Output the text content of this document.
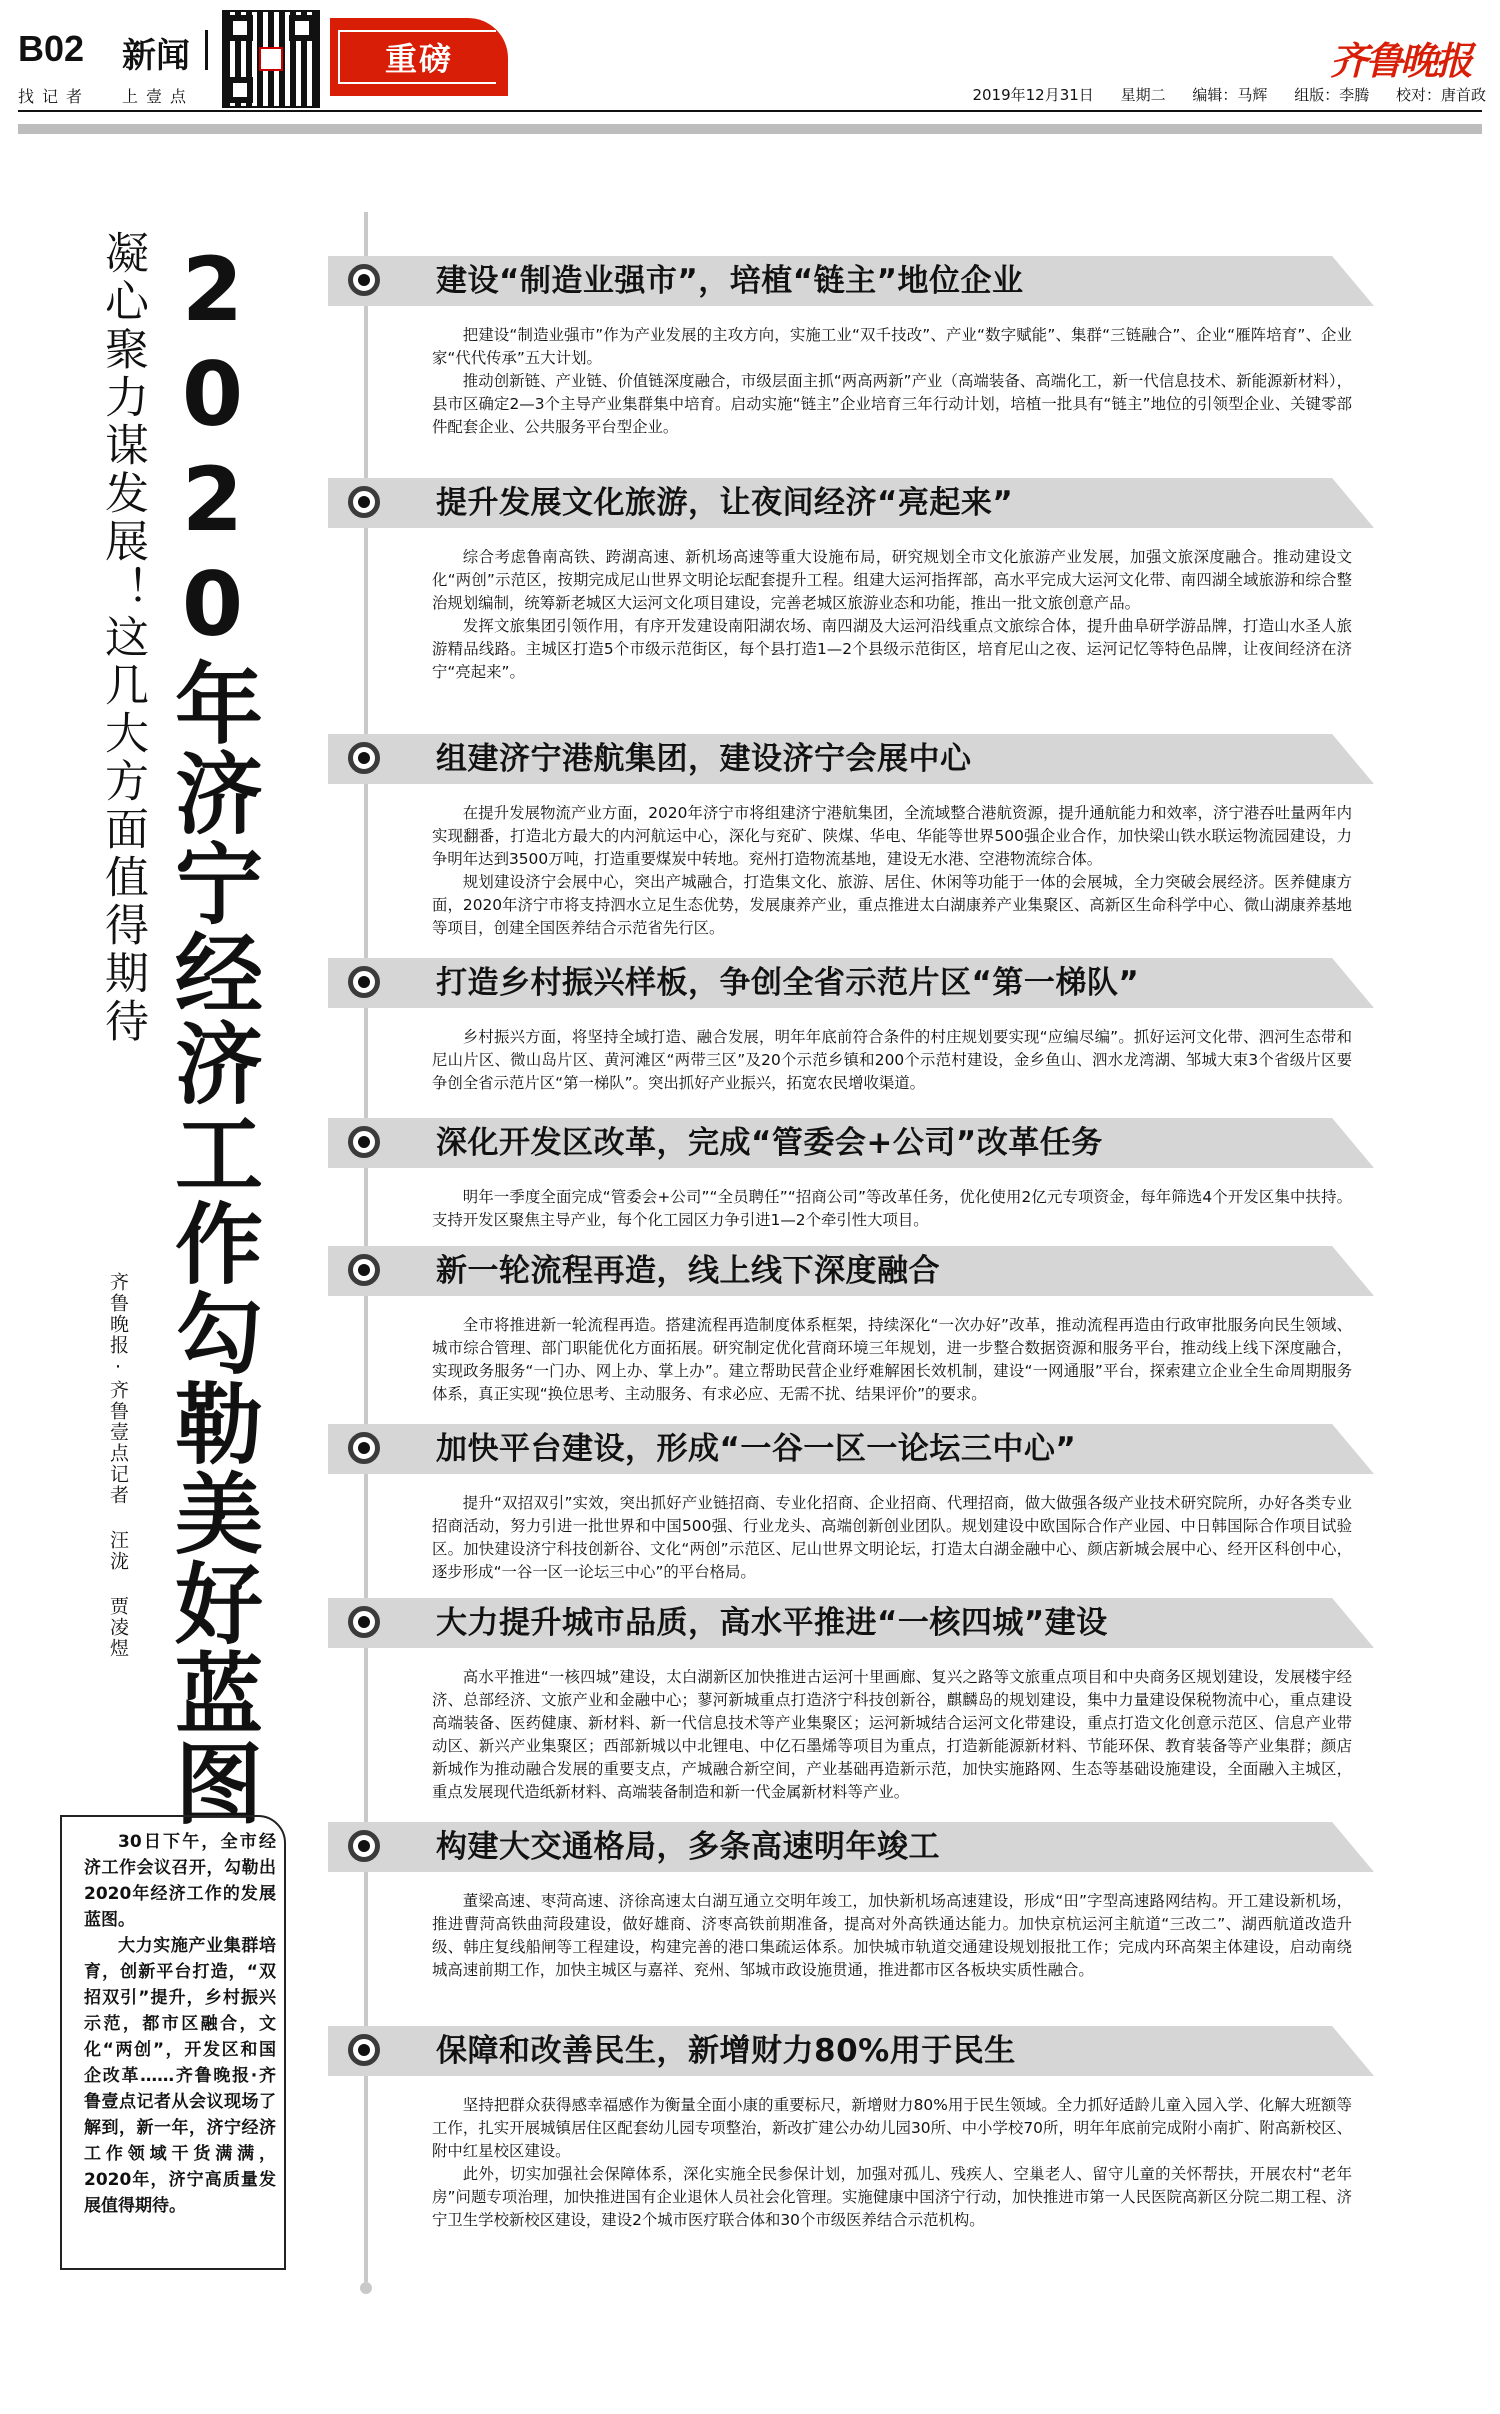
B02 新闻
找记者 上壹点
重磅	齐鲁晚报
2019年12月31日 星期二 编辑：马辉 组版：李腾 校对：唐首政
2020年济宁经济工作勾勒美好蓝图
凝心聚力谋发展！这几大方面值得期待
齐鲁晚报·齐鲁壹点记者 汪泷 贾凌煜

30日下午，全市经济工作会议召开，勾勒出2020年经济工作的发展蓝图。

大力实施产业集群培育，创新平台打造，“双招双引”提升，乡村振兴示范，都市区融合，文化“两创”，开发区和国企改革……齐鲁晚报·齐鲁壹点记者从会议现场了解到，新一年，济宁经济工作领域干货满满，2020年，济宁高质量发展值得期待。

建设“制造业强市”，培植“链主”地位企业

把建设“制造业强市”作为产业发展的主攻方向，实施工业“双千技改”、产业“数字赋能”、集群“三链融合”、企业“雁阵培育”、企业家“代代传承”五大计划。

推动创新链、产业链、价值链深度融合，市级层面主抓“两高两新”产业（高端装备、高端化工，新一代信息技术、新能源新材料），县市区确定2—3个主导产业集群集中培育。启动实施“链主”企业培育三年行动计划，培植一批具有“链主”地位的引领型企业、关键零部件配套企业、公共服务平台型企业。

提升发展文化旅游，让夜间经济“亮起来”

综合考虑鲁南高铁、跨湖高速、新机场高速等重大设施布局，研究规划全市文化旅游产业发展，加强文旅深度融合。推动建设文化“两创”示范区，按期完成尼山世界文明论坛配套提升工程。组建大运河指挥部，高水平完成大运河文化带、南四湖全域旅游和综合整治规划编制，统筹新老城区大运河文化项目建设，完善老城区旅游业态和功能，推出一批文旅创意产品。

发挥文旅集团引领作用，有序开发建设南阳湖农场、南四湖及大运河沿线重点文旅综合体，提升曲阜研学游品牌，打造山水圣人旅游精品线路。主城区打造5个市级示范街区，每个县打造1—2个县级示范街区，培育尼山之夜、运河记忆等特色品牌，让夜间经济在济宁“亮起来”。

组建济宁港航集团，建设济宁会展中心

在提升发展物流产业方面，2020年济宁市将组建济宁港航集团，全流域整合港航资源，提升通航能力和效率，济宁港吞吐量两年内实现翻番，打造北方最大的内河航运中心，深化与兖矿、陕煤、华电、华能等世界500强企业合作，加快梁山铁水联运物流园建设，力争明年达到3500万吨，打造重要煤炭中转地。兖州打造物流基地，建设无水港、空港物流综合体。

规划建设济宁会展中心，突出产城融合，打造集文化、旅游、居住、休闲等功能于一体的会展城，全力突破会展经济。医养健康方面，2020年济宁市将支持泗水立足生态优势，发展康养产业，重点推进太白湖康养产业集聚区、高新区生命科学中心、微山湖康养基地等项目，创建全国医养结合示范省先行区。

打造乡村振兴样板，争创全省示范片区“第一梯队”

乡村振兴方面，将坚持全域打造、融合发展，明年年底前符合条件的村庄规划要实现“应编尽编”。抓好运河文化带、泗河生态带和尼山片区、微山岛片区、黄河滩区“两带三区”及20个示范乡镇和200个示范村建设，金乡鱼山、泗水龙湾湖、邹城大束3个省级片区要争创全省示范片区“第一梯队”。突出抓好产业振兴，拓宽农民增收渠道。

深化开发区改革，完成“管委会+公司”改革任务

明年一季度全面完成“管委会+公司”“全员聘任”“招商公司”等改革任务，优化使用2亿元专项资金，每年筛选4个开发区集中扶持。支持开发区聚焦主导产业，每个化工园区力争引进1—2个牵引性大项目。

新一轮流程再造，线上线下深度融合

全市将推进新一轮流程再造。搭建流程再造制度体系框架，持续深化“一次办好”改革，推动流程再造由行政审批服务向民生领域、城市综合管理、部门职能优化方面拓展。研究制定优化营商环境三年规划，进一步整合数据资源和服务平台，推动线上线下深度融合，实现政务服务“一门办、网上办、掌上办”。建立帮助民营企业纾难解困长效机制，建设“一网通服”平台，探索建立企业全生命周期服务体系，真正实现“换位思考、主动服务、有求必应、无需不扰、结果评价”的要求。

加快平台建设，形成“一谷一区一论坛三中心”

提升“双招双引”实效，突出抓好产业链招商、专业化招商、企业招商、代理招商，做大做强各级产业技术研究院所，办好各类专业招商活动，努力引进一批世界和中国500强、行业龙头、高端创新创业团队。规划建设中欧国际合作产业园、中日韩国际合作项目试验区。加快建设济宁科技创新谷、文化“两创”示范区、尼山世界文明论坛，打造太白湖金融中心、颜店新城会展中心、经开区科创中心，逐步形成“一谷一区一论坛三中心”的平台格局。

大力提升城市品质，高水平推进“一核四城”建设

高水平推进“一核四城”建设，太白湖新区加快推进古运河十里画廊、复兴之路等文旅重点项目和中央商务区规划建设，发展楼宇经济、总部经济、文旅产业和金融中心；蓼河新城重点打造济宁科技创新谷，麒麟岛的规划建设，集中力量建设保税物流中心，重点建设高端装备、医药健康、新材料、新一代信息技术等产业集聚区；运河新城结合运河文化带建设，重点打造文化创意示范区、信息产业带动区、新兴产业集聚区；西部新城以中北锂电、中亿石墨烯等项目为重点，打造新能源新材料、节能环保、教育装备等产业集群；颜店新城作为推动融合发展的重要支点，产城融合新空间，产业基础再造新示范，加快实施路网、生态等基础设施建设，全面融入主城区，重点发展现代造纸新材料、高端装备制造和新一代金属新材料等产业。

构建大交通格局，多条高速明年竣工

董梁高速、枣菏高速、济徐高速太白湖互通立交明年竣工，加快新机场高速建设，形成“田”字型高速路网结构。开工建设新机场，推进曹菏高铁曲菏段建设，做好雄商、济枣高铁前期准备，提高对外高铁通达能力。加快京杭运河主航道“三改二”、湖西航道改造升级、韩庄复线船闸等工程建设，构建完善的港口集疏运体系。加快城市轨道交通建设规划报批工作；完成内环高架主体建设，启动南绕城高速前期工作，加快主城区与嘉祥、兖州、邹城市政设施贯通，推进都市区各板块实质性融合。

保障和改善民生，新增财力80%用于民生

坚持把群众获得感幸福感作为衡量全面小康的重要标尺，新增财力80%用于民生领域。全力抓好适龄儿童入园入学、化解大班额等工作，扎实开展城镇居住区配套幼儿园专项整治，新改扩建公办幼儿园30所、中小学校70所，明年年底前完成附小南扩、附高新校区、附中红星校区建设。

此外，切实加强社会保障体系，深化实施全民参保计划，加强对孤儿、残疾人、空巢老人、留守儿童的关怀帮扶，开展农村“老年房”问题专项治理，加快推进国有企业退休人员社会化管理。实施健康中国济宁行动，加快推进市第一人民医院高新区分院二期工程、济宁卫生学校新校区建设，建设2个城市医疗联合体和30个市级医养结合示范机构。
